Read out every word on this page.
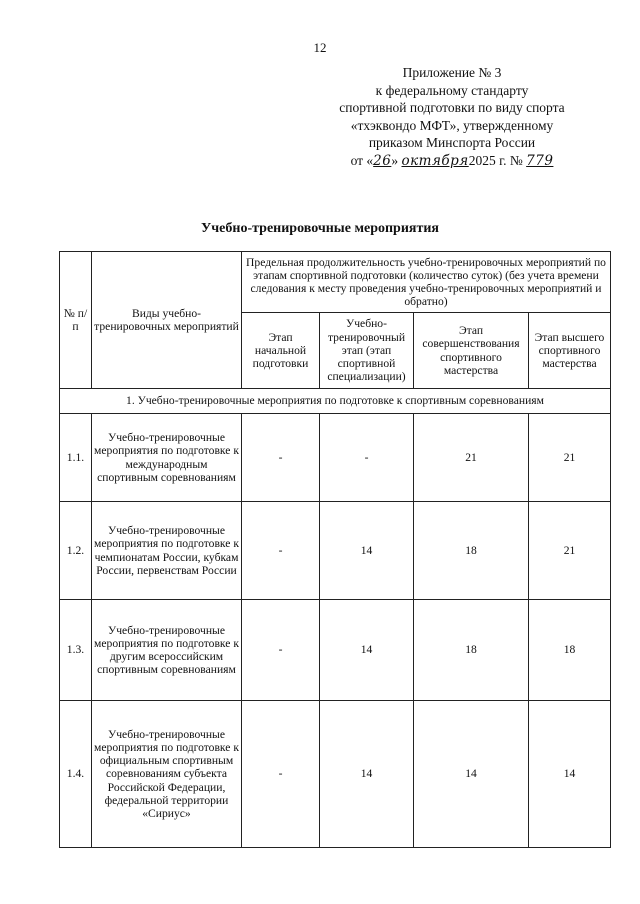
12
Приложение № 3
к федеральному стандарту
спортивной подготовки по виду спорта
«тхэквондо МФТ», утвержденному
приказом Минспорта России
от «26» октября2025 г. № 779
Учебно-тренировочные мероприятия
№ п/п	Виды учебно-тренировочных мероприятий	Предельная продолжительность учебно-тренировочных мероприятий по этапам спортивной подготовки (количество суток) (без учета времени следования к месту проведения учебно-тренировочных мероприятий и обратно)			
		Этап начальной подготовки	Учебно-тренировочный этап (этап спортивной специализации)	Этап совершенствования спортивного мастерства	Этап высшего спортивного мастерства
1. Учебно-тренировочные мероприятия по подготовке к спортивным соревнованиям					
1.1.	Учебно-тренировочные мероприятия по подготовке к международным спортивным соревнованиям	-	-	21	21
1.2.	Учебно-тренировочные мероприятия по подготовке к чемпионатам России, кубкам России, первенствам России	-	14	18	21
1.3.	Учебно-тренировочные мероприятия по подготовке к другим всероссийским спортивным соревнованиям	-	14	18	18
1.4.	Учебно-тренировочные мероприятия по подготовке к официальным спортивным соревнованиям субъекта Российской Федерации, федеральной территории «Сириус»	-	14	14	14
